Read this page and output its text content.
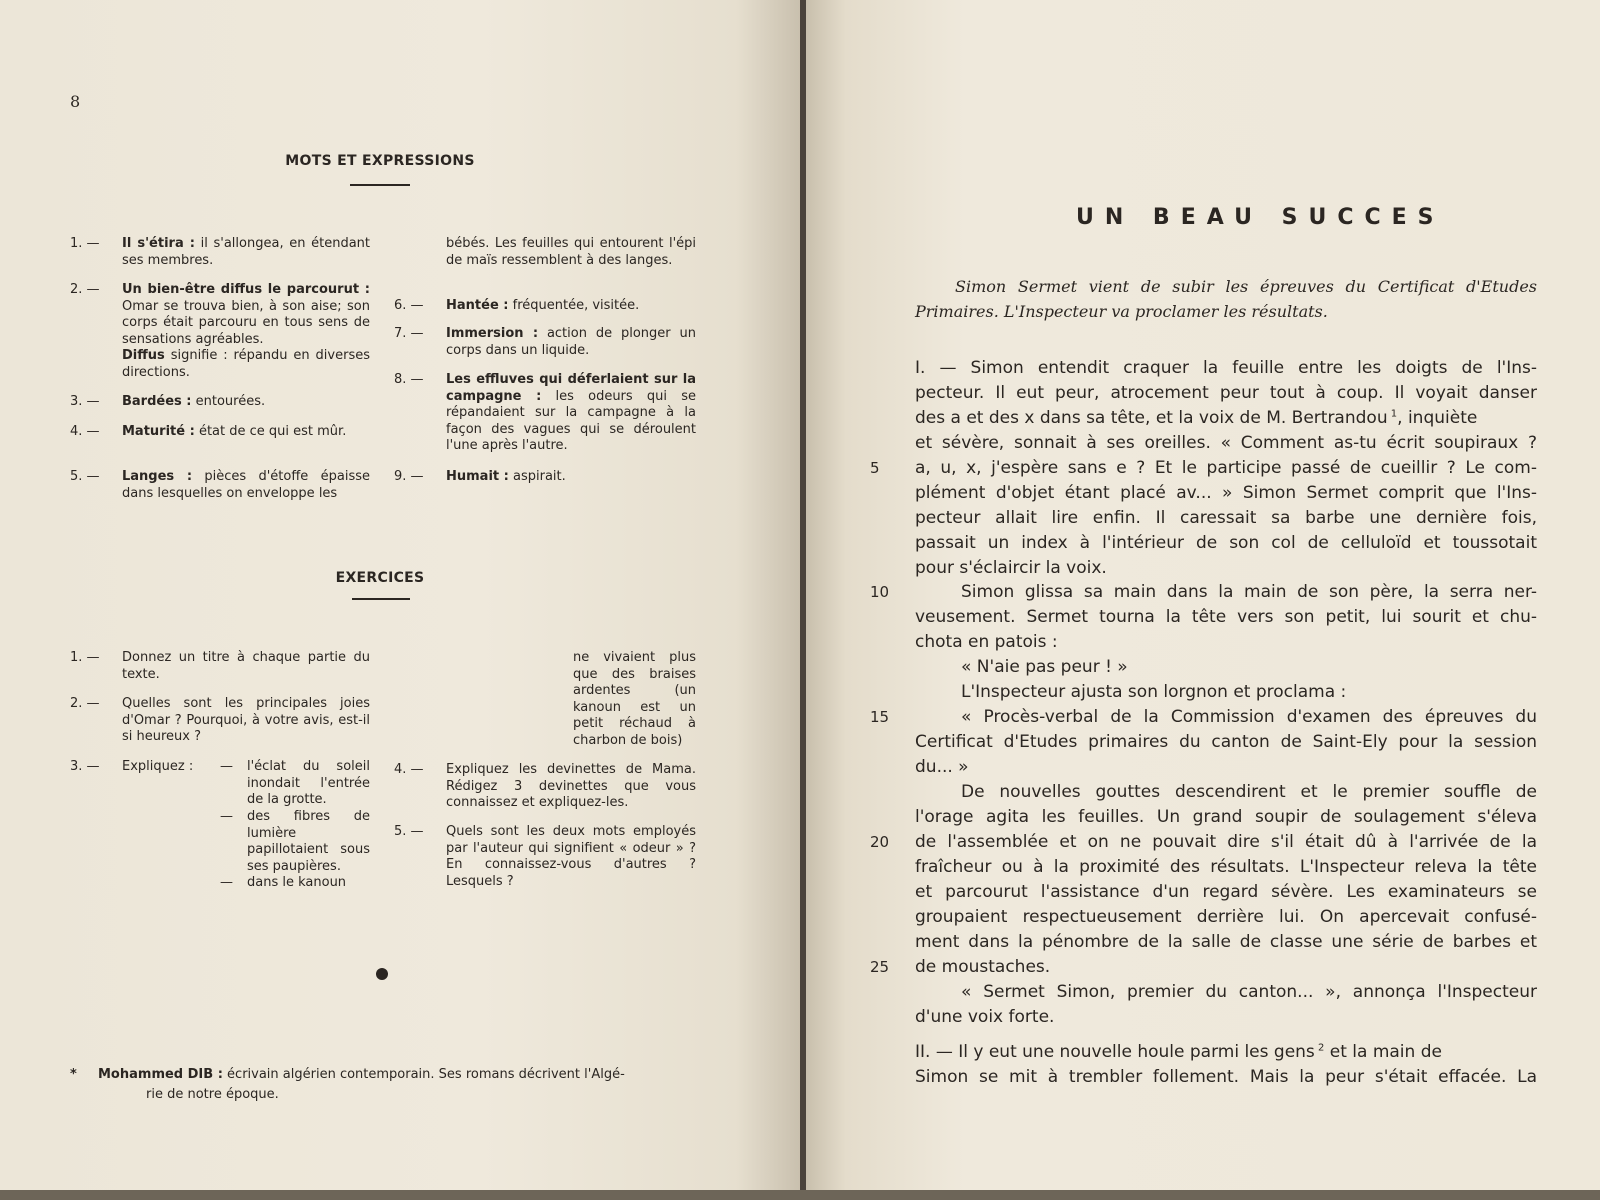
8
MOTS ET EXPRESSIONS
1. —	Il s'étira : il s'allongea, en étendant ses membres.
2. —	Un bien-être diffus le parcourut : Omar se trouva bien, à son aise; son corps était parcouru en tous sens de sensations agréables.
Diffus signifie : répandu en diverses directions.
3. —	Bardées : entourées.
4. —	Maturité : état de ce qui est mûr.
5. —	Langes : pièces d'étoffe épaisse dans lesquelles on enveloppe les
bébés. Les feuilles qui entourent l'épi de maïs ressemblent à des langes.
6. —	Hantée : fréquentée, visitée.
7. —	Immersion : action de plonger un corps dans un liquide.
8. —	Les effluves qui déferlaient sur la campagne : les odeurs qui se répandaient sur la campagne à la façon des vagues qui se déroulent l'une après l'autre.
9. —	Humait : aspirait.
EXERCICES
1. —	Donnez un titre à chaque partie du texte.
2. —	Quelles sont les principales joies d'Omar ? Pourquoi, à votre avis, est-il si heureux ?
3. —	Expliquez :	— l'éclat du soleil inondait l'entrée de la grotte.
— des fibres de lumière papillotaient sous ses paupières.
— dans le kanoun
ne vivaient plus que des braises ardentes (un kanoun est un petit réchaud à charbon de bois)
4. —	Expliquez les devinettes de Mama. Rédigez 3 devinettes que vous connaissez et expliquez-les.
5. —	Quels sont les deux mots employés par l'auteur qui signifient « odeur » ? En connaissez-vous d'autres ? Lesquels ?
*	Mohammed DIB : écrivain algérien contemporain. Ses romans décrivent l'Algé-
rie de notre époque.
UN BEAU SUCCES
Simon Sermet vient de subir les épreuves du Certificat d'Etudes Primaires. L'Inspecteur va proclamer les résultats.
I. — Simon entendit craquer la feuille entre les doigts de l'Ins-
pecteur. Il eut peur, atrocement peur tout à coup. Il voyait danser
des a et des x dans sa tête, et la voix de M. Bertrandou $^1$, inquiète
et sévère, sonnait à ses oreilles. « Comment as-tu écrit soupiraux ?
a, u, x, j'espère sans e ? Et le participe passé de cueillir ? Le com-
plément d'objet étant placé av... » Simon Sermet comprit que l'Ins-
pecteur allait lire enfin. Il caressait sa barbe une dernière fois,
passait un index à l'intérieur de son col de celluloïd et toussotait
pour s'éclaircir la voix.
Simon glissa sa main dans la main de son père, la serra ner-
veusement. Sermet tourna la tête vers son petit, lui sourit et chu-
chota en patois :
« N'aie pas peur ! »
L'Inspecteur ajusta son lorgnon et proclama :
« Procès-verbal de la Commission d'examen des épreuves du
Certificat d'Etudes primaires du canton de Saint-Ely pour la session
du... »
De nouvelles gouttes descendirent et le premier souffle de
l'orage agita les feuilles. Un grand soupir de soulagement s'éleva
de l'assemblée et on ne pouvait dire s'il était dû à l'arrivée de la
fraîcheur ou à la proximité des résultats. L'Inspecteur releva la tête
et parcourut l'assistance d'un regard sévère. Les examinateurs se
groupaient respectueusement derrière lui. On apercevait confusé-
ment dans la pénombre de la salle de classe une série de barbes et
de moustaches.
« Sermet Simon, premier du canton... », annonça l'Inspecteur
d'une voix forte.
II. — Il y eut une nouvelle houle parmi les gens $^2$ et la main de
Simon se mit à trembler follement. Mais la peur s'était effacée. La
5
10
15
20
25
